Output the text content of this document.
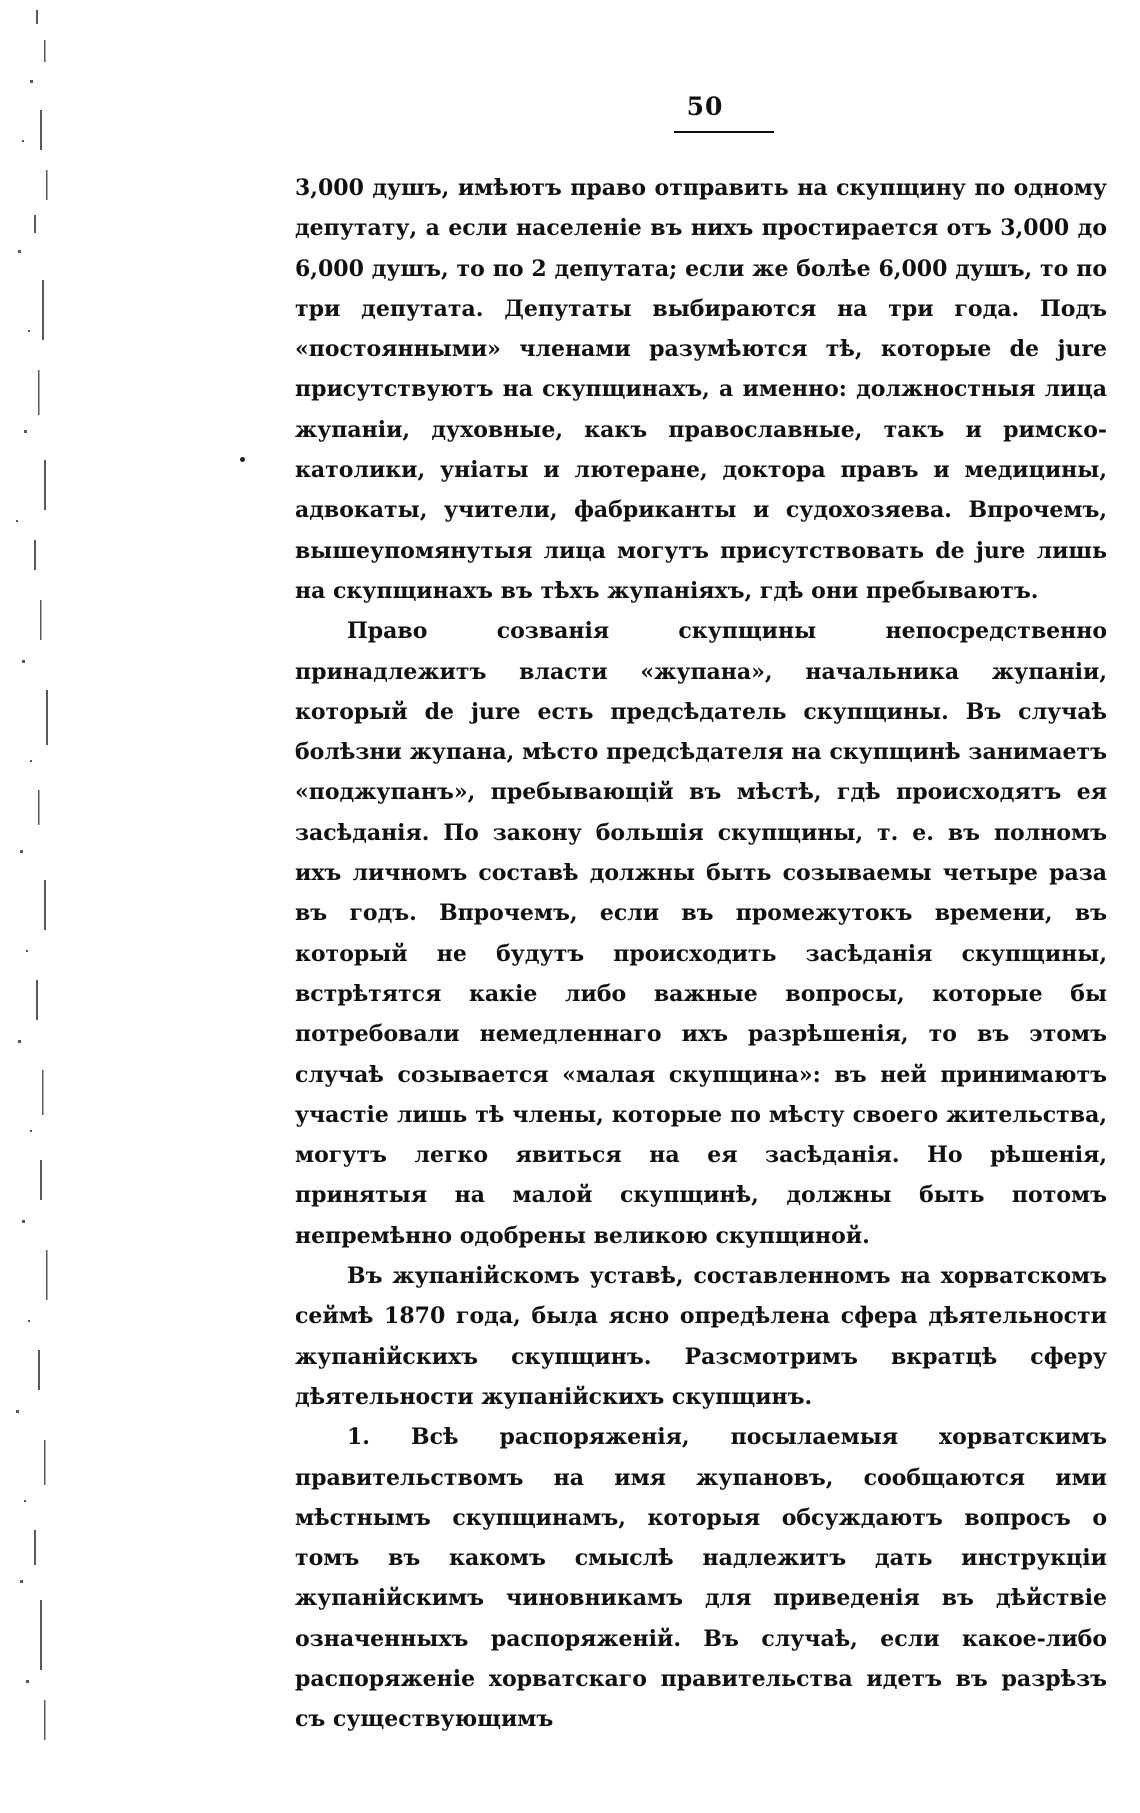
50

3,000 душъ, имѣютъ право отправить на скупщину по одному депутату, а если населеніе въ нихъ простирается отъ 3,000 до 6,000 душъ, то по 2 депутата; если же болѣе 6,000 душъ, то по три депутата. Депутаты выбираются на три года. Подъ «постоянными» членами разумѣются тѣ, которые de jure присутствуютъ на скупщинахъ, а именно: должностныя лица жупаніи, духовные, какъ православные, такъ и римско-католики, уніаты и лютеране, доктора правъ и медицины, адвокаты, учители, фабриканты и судохозяева. Впрочемъ, вышеупомянутыя лица могутъ присутствовать de jure лишь на скупщинахъ въ тѣхъ жупаніяхъ, гдѣ они пребываютъ.

Право созванія скупщины непосредственно принадлежитъ власти «жупана», начальника жупаніи, который de jure есть предсѣдатель скупщины. Въ случаѣ болѣзни жупана, мѣсто предсѣдателя на скупщинѣ занимаетъ «поджупанъ», пребывающій въ мѣстѣ, гдѣ происходятъ ея засѣданія. По закону большія скупщины, т. е. въ полномъ ихъ личномъ составѣ должны быть созываемы четыре раза въ годъ. Впрочемъ, если въ промежутокъ времени, въ который не будутъ происходить засѣданія скупщины, встрѣтятся какіе либо важные вопросы, которые бы потребовали немедленнаго ихъ разрѣшенія, то въ этомъ случаѣ созывается «малая скупщина»: въ ней принимаютъ участіе лишь тѣ члены, которые по мѣсту своего жительства, могутъ легко явиться на ея засѣданія. Но рѣшенія, принятыя на малой скупщинѣ, должны быть потомъ непремѣнно одобрены великою скупщиной.

Въ жупанійскомъ уставѣ, составленномъ на хорватскомъ сеймѣ 1870 года, была ясно опредѣлена сфера дѣятельности жупанійскихъ скупщинъ. Разсмотримъ вкратцѣ сферу дѣятельности жупанійскихъ скупщинъ.

1. Всѣ распоряженія, посылаемыя хорватскимъ правительствомъ на имя жупановъ, сообщаются ими мѣстнымъ скупщинамъ, которыя обсуждаютъ вопросъ о томъ въ какомъ смыслѣ надлежитъ дать инструкціи жупанійскимъ чиновникамъ для приведенія въ дѣйствіе означенныхъ распоряженій. Въ случаѣ, если какое-либо распоряженіе хорватскаго правительства идетъ въ разрѣзъ съ существующимъ
